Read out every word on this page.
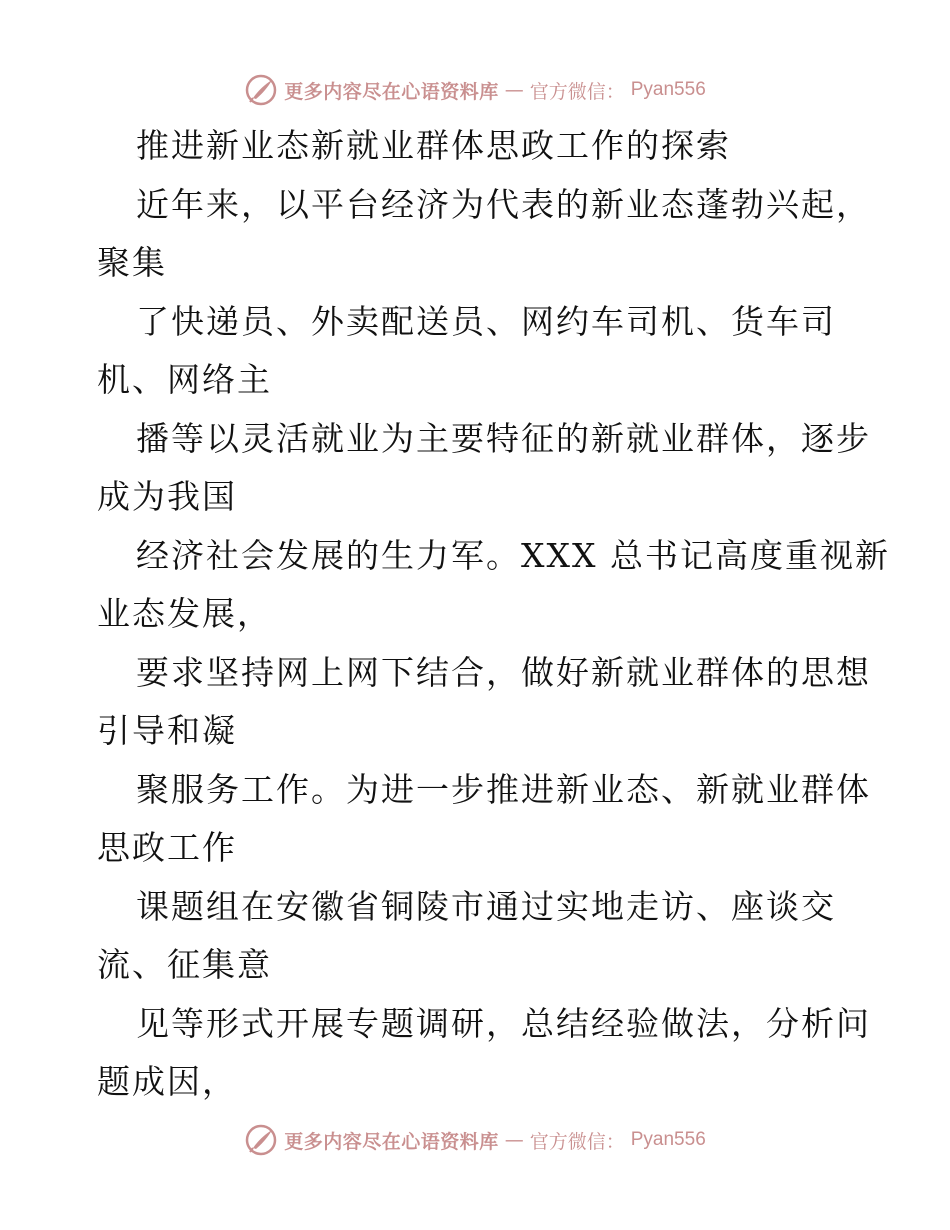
更多内容尽在心语资料库 — 官方微信： Pyan556
推进新业态新就业群体思政工作的探索
近年来，以平台经济为代表的新业态蓬勃兴起，
聚集
了快递员、外卖配送员、网约车司机、货车司
机、网络主
播等以灵活就业为主要特征的新就业群体，逐步
成为我国
经济社会发展的生力军。XXX 总书记高度重视新
业态发展，
要求坚持网上网下结合，做好新就业群体的思想
引导和凝
聚服务工作。为进一步推进新业态、新就业群体
思政工作
课题组在安徽省铜陵市通过实地走访、座谈交
流、征集意
见等形式开展专题调研，总结经验做法，分析问
题成因，
更多内容尽在心语资料库 — 官方微信： Pyan556
